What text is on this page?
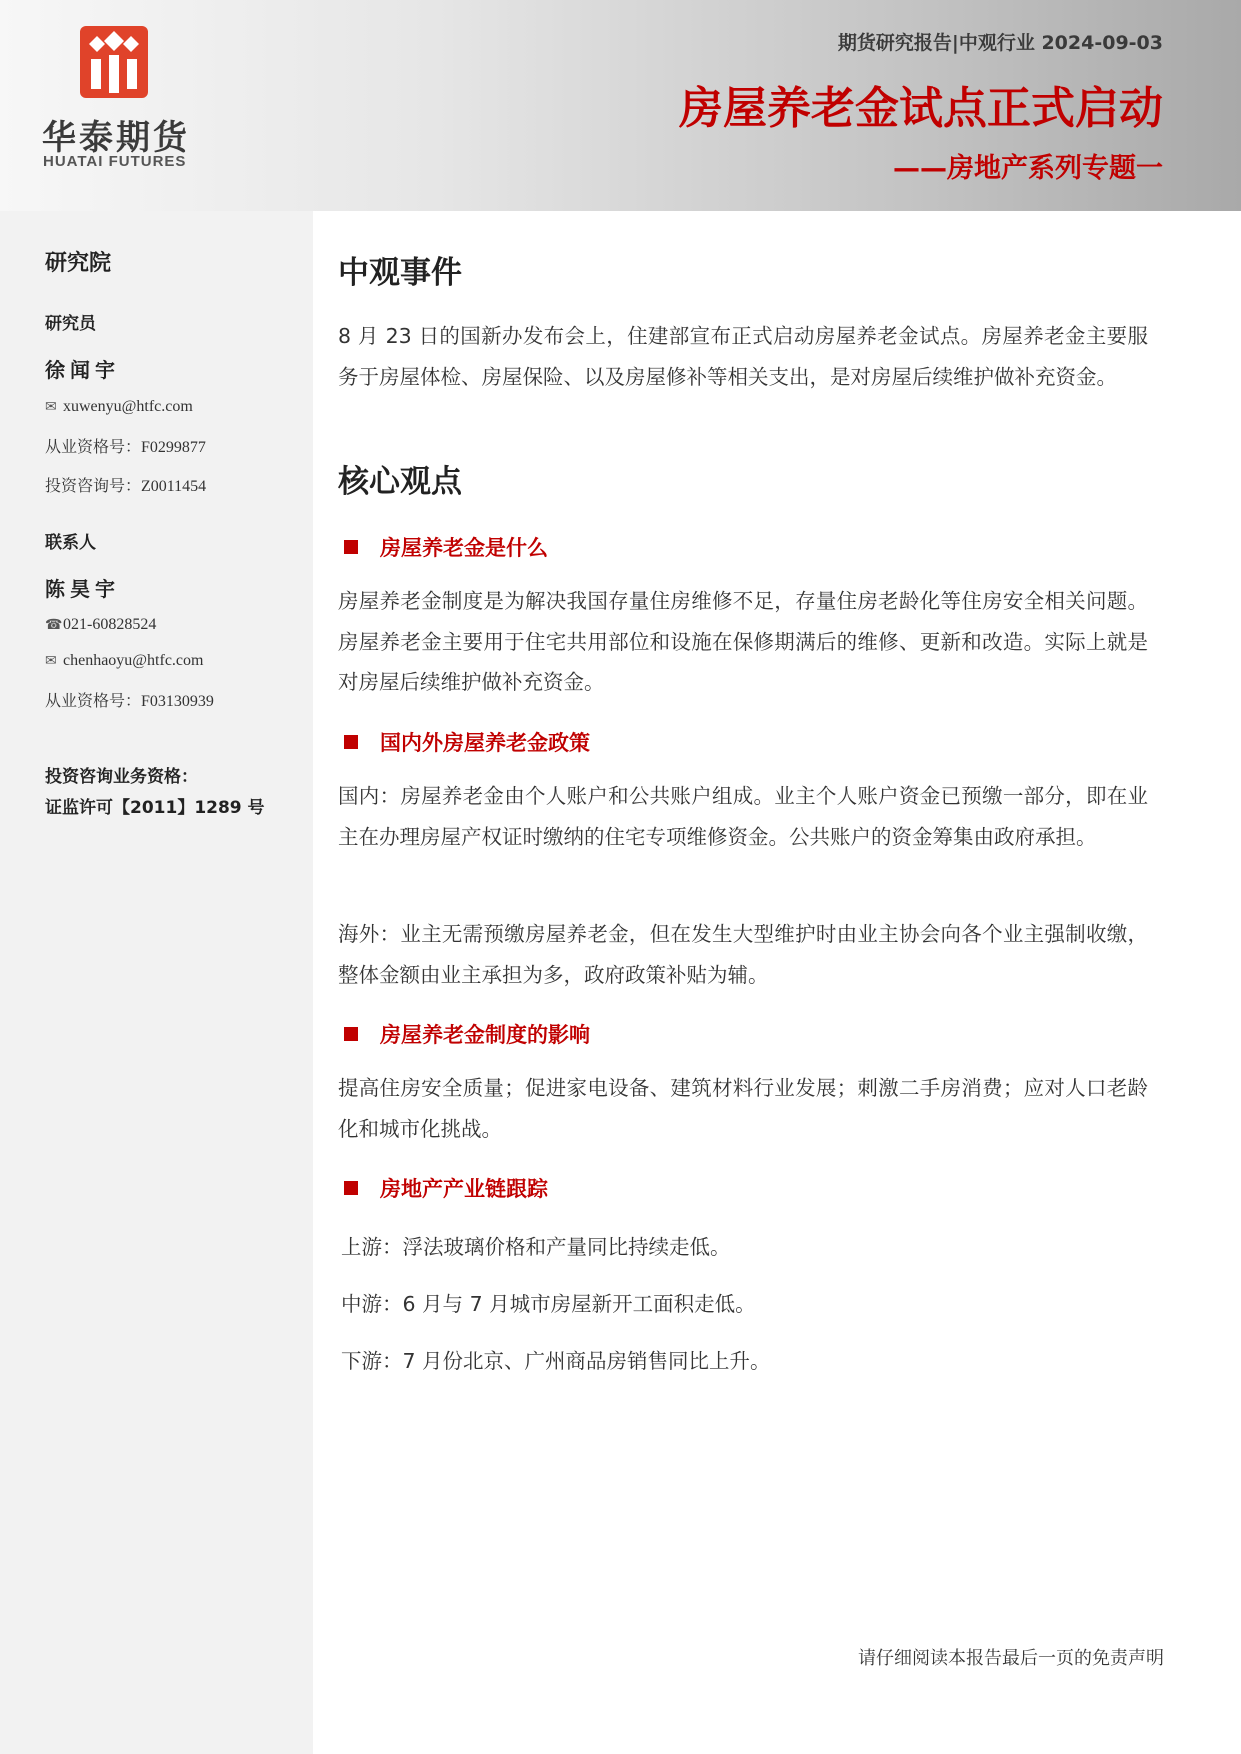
华泰期货
HUATAI FUTURES
期货研究报告|中观行业 2024-09-03
房屋养老金试点正式启动
——房地产系列专题一
研究院
研究员
徐闻宇
✉ xuwenyu@htfc.com
从业资格号：F0299877
投资咨询号：Z0011454
联系人
陈昊宇
☎021-60828524
✉ chenhaoyu@htfc.com
从业资格号：F03130939
投资咨询业务资格：
证监许可【2011】1289 号
中观事件
8 月 23 日的国新办发布会上，住建部宣布正式启动房屋养老金试点。房屋养老金主要服务于房屋体检、房屋保险、以及房屋修补等相关支出，是对房屋后续维护做补充资金。
核心观点
房屋养老金是什么
房屋养老金制度是为解决我国存量住房维修不足，存量住房老龄化等住房安全相关问题。房屋养老金主要用于住宅共用部位和设施在保修期满后的维修、更新和改造。实际上就是对房屋后续维护做补充资金。
国内外房屋养老金政策
国内：房屋养老金由个人账户和公共账户组成。业主个人账户资金已预缴一部分，即在业主在办理房屋产权证时缴纳的住宅专项维修资金。公共账户的资金筹集由政府承担。
海外：业主无需预缴房屋养老金，但在发生大型维护时由业主协会向各个业主强制收缴，整体金额由业主承担为多，政府政策补贴为辅。
房屋养老金制度的影响
提高住房安全质量；促进家电设备、建筑材料行业发展；刺激二手房消费；应对人口老龄化和城市化挑战。
房地产产业链跟踪
上游：浮法玻璃价格和产量同比持续走低。
中游：6 月与 7 月城市房屋新开工面积走低。
下游：7 月份北京、广州商品房销售同比上升。
请仔细阅读本报告最后一页的免责声明
